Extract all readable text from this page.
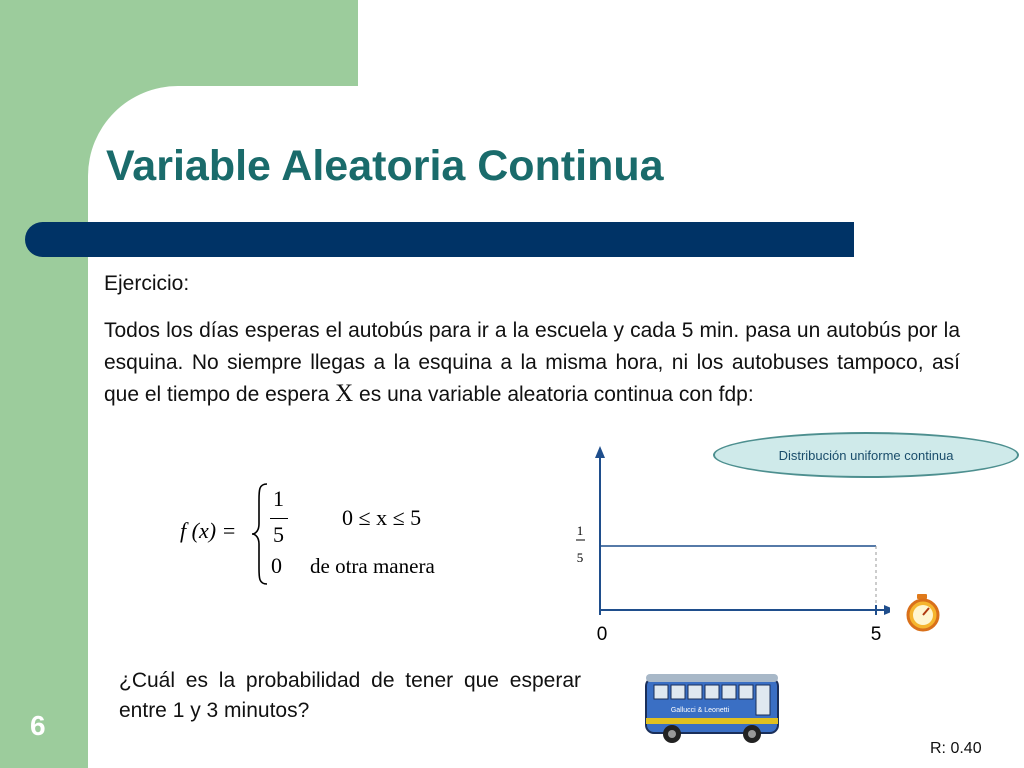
Variable Aleatoria Continua
Ejercicio:
Todos los días esperas el autobús para ir a la escuela y cada 5 min. pasa un autobús por la esquina. No siempre llegas a la esquina a la misma hora, ni los autobuses tampoco, así que el tiempo de espera X es una variable aleatoria continua con fdp:
f (x) =
1
5
0 ≤ x ≤ 5
0 de otra manera
Distribución uniforme continua
1
5
0	5
¿Cuál es la probabilidad de tener que esperar entre 1 y 3 minutos?	Gallucci & Leonetti
6
R: 0.40
